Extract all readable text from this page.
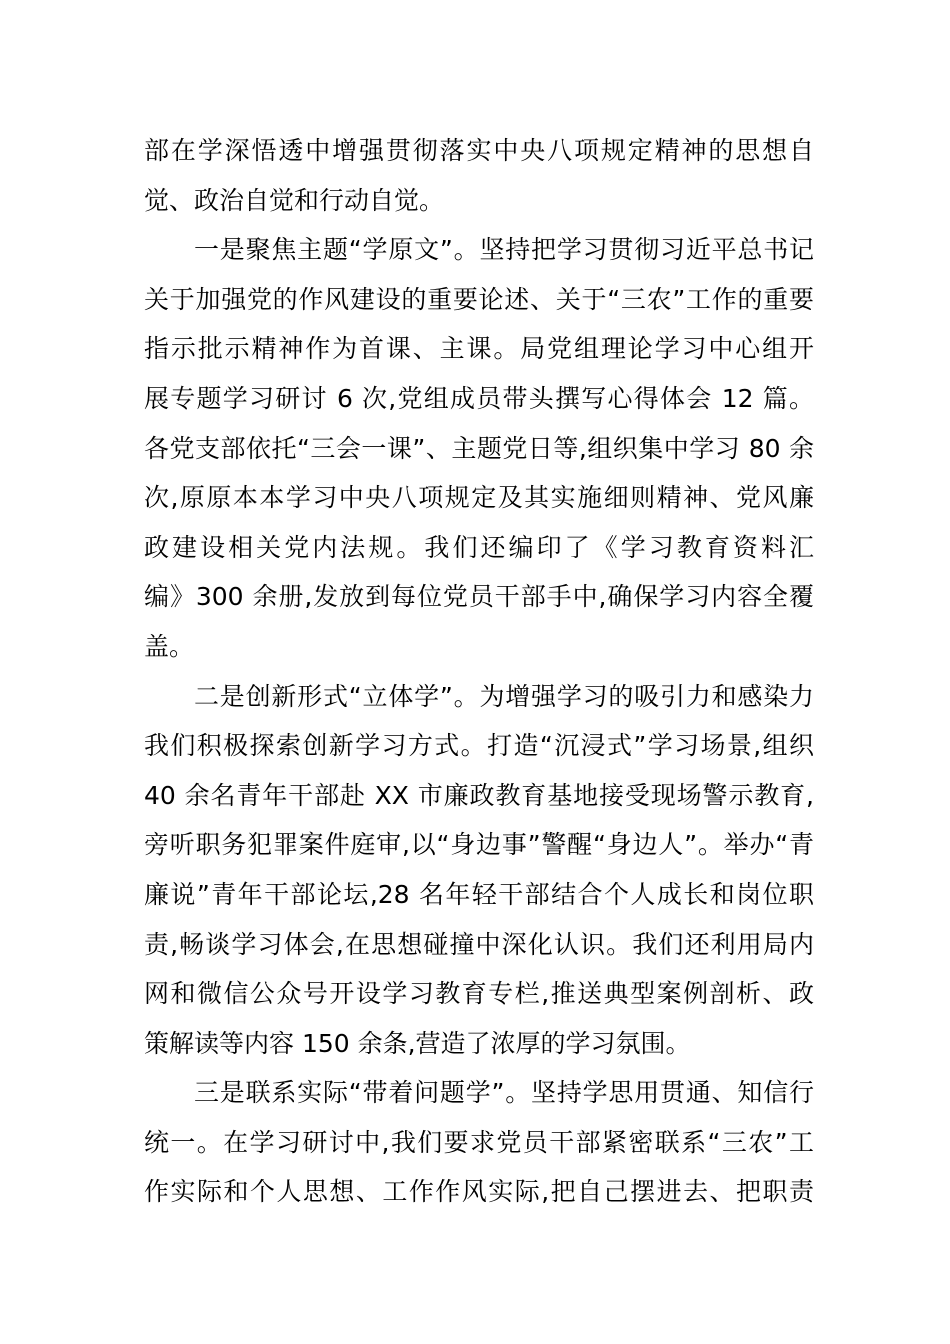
部在学深悟透中增强贯彻落实中央八项规定精神的思想自
觉、政治自觉和行动自觉。
一是聚焦主题“学原文”。坚持把学习贯彻习近平总书记
关于加强党的作风建设的重要论述、关于“三农”工作的重要
指示批示精神作为首课、主课。局党组理论学习中心组开
展专题学习研讨 6 次,党组成员带头撰写心得体会 12 篇。
各党支部依托“三会一课”、主题党日等,组织集中学习 80 余
次,原原本本学习中央八项规定及其实施细则精神、党风廉
政建设相关党内法规。我们还编印了《学习教育资料汇
编》300 余册,发放到每位党员干部手中,确保学习内容全覆
盖。
二是创新形式“立体学”。为增强学习的吸引力和感染力
我们积极探索创新学习方式。打造“沉浸式”学习场景,组织
40 余名青年干部赴 XX 市廉政教育基地接受现场警示教育,
旁听职务犯罪案件庭审,以“身边事”警醒“身边人”。举办“青
廉说”青年干部论坛,28 名年轻干部结合个人成长和岗位职
责,畅谈学习体会,在思想碰撞中深化认识。我们还利用局内
网和微信公众号开设学习教育专栏,推送典型案例剖析、政
策解读等内容 150 余条,营造了浓厚的学习氛围。
三是联系实际“带着问题学”。坚持学思用贯通、知信行
统一。在学习研讨中,我们要求党员干部紧密联系“三农”工
作实际和个人思想、工作作风实际,把自己摆进去、把职责
